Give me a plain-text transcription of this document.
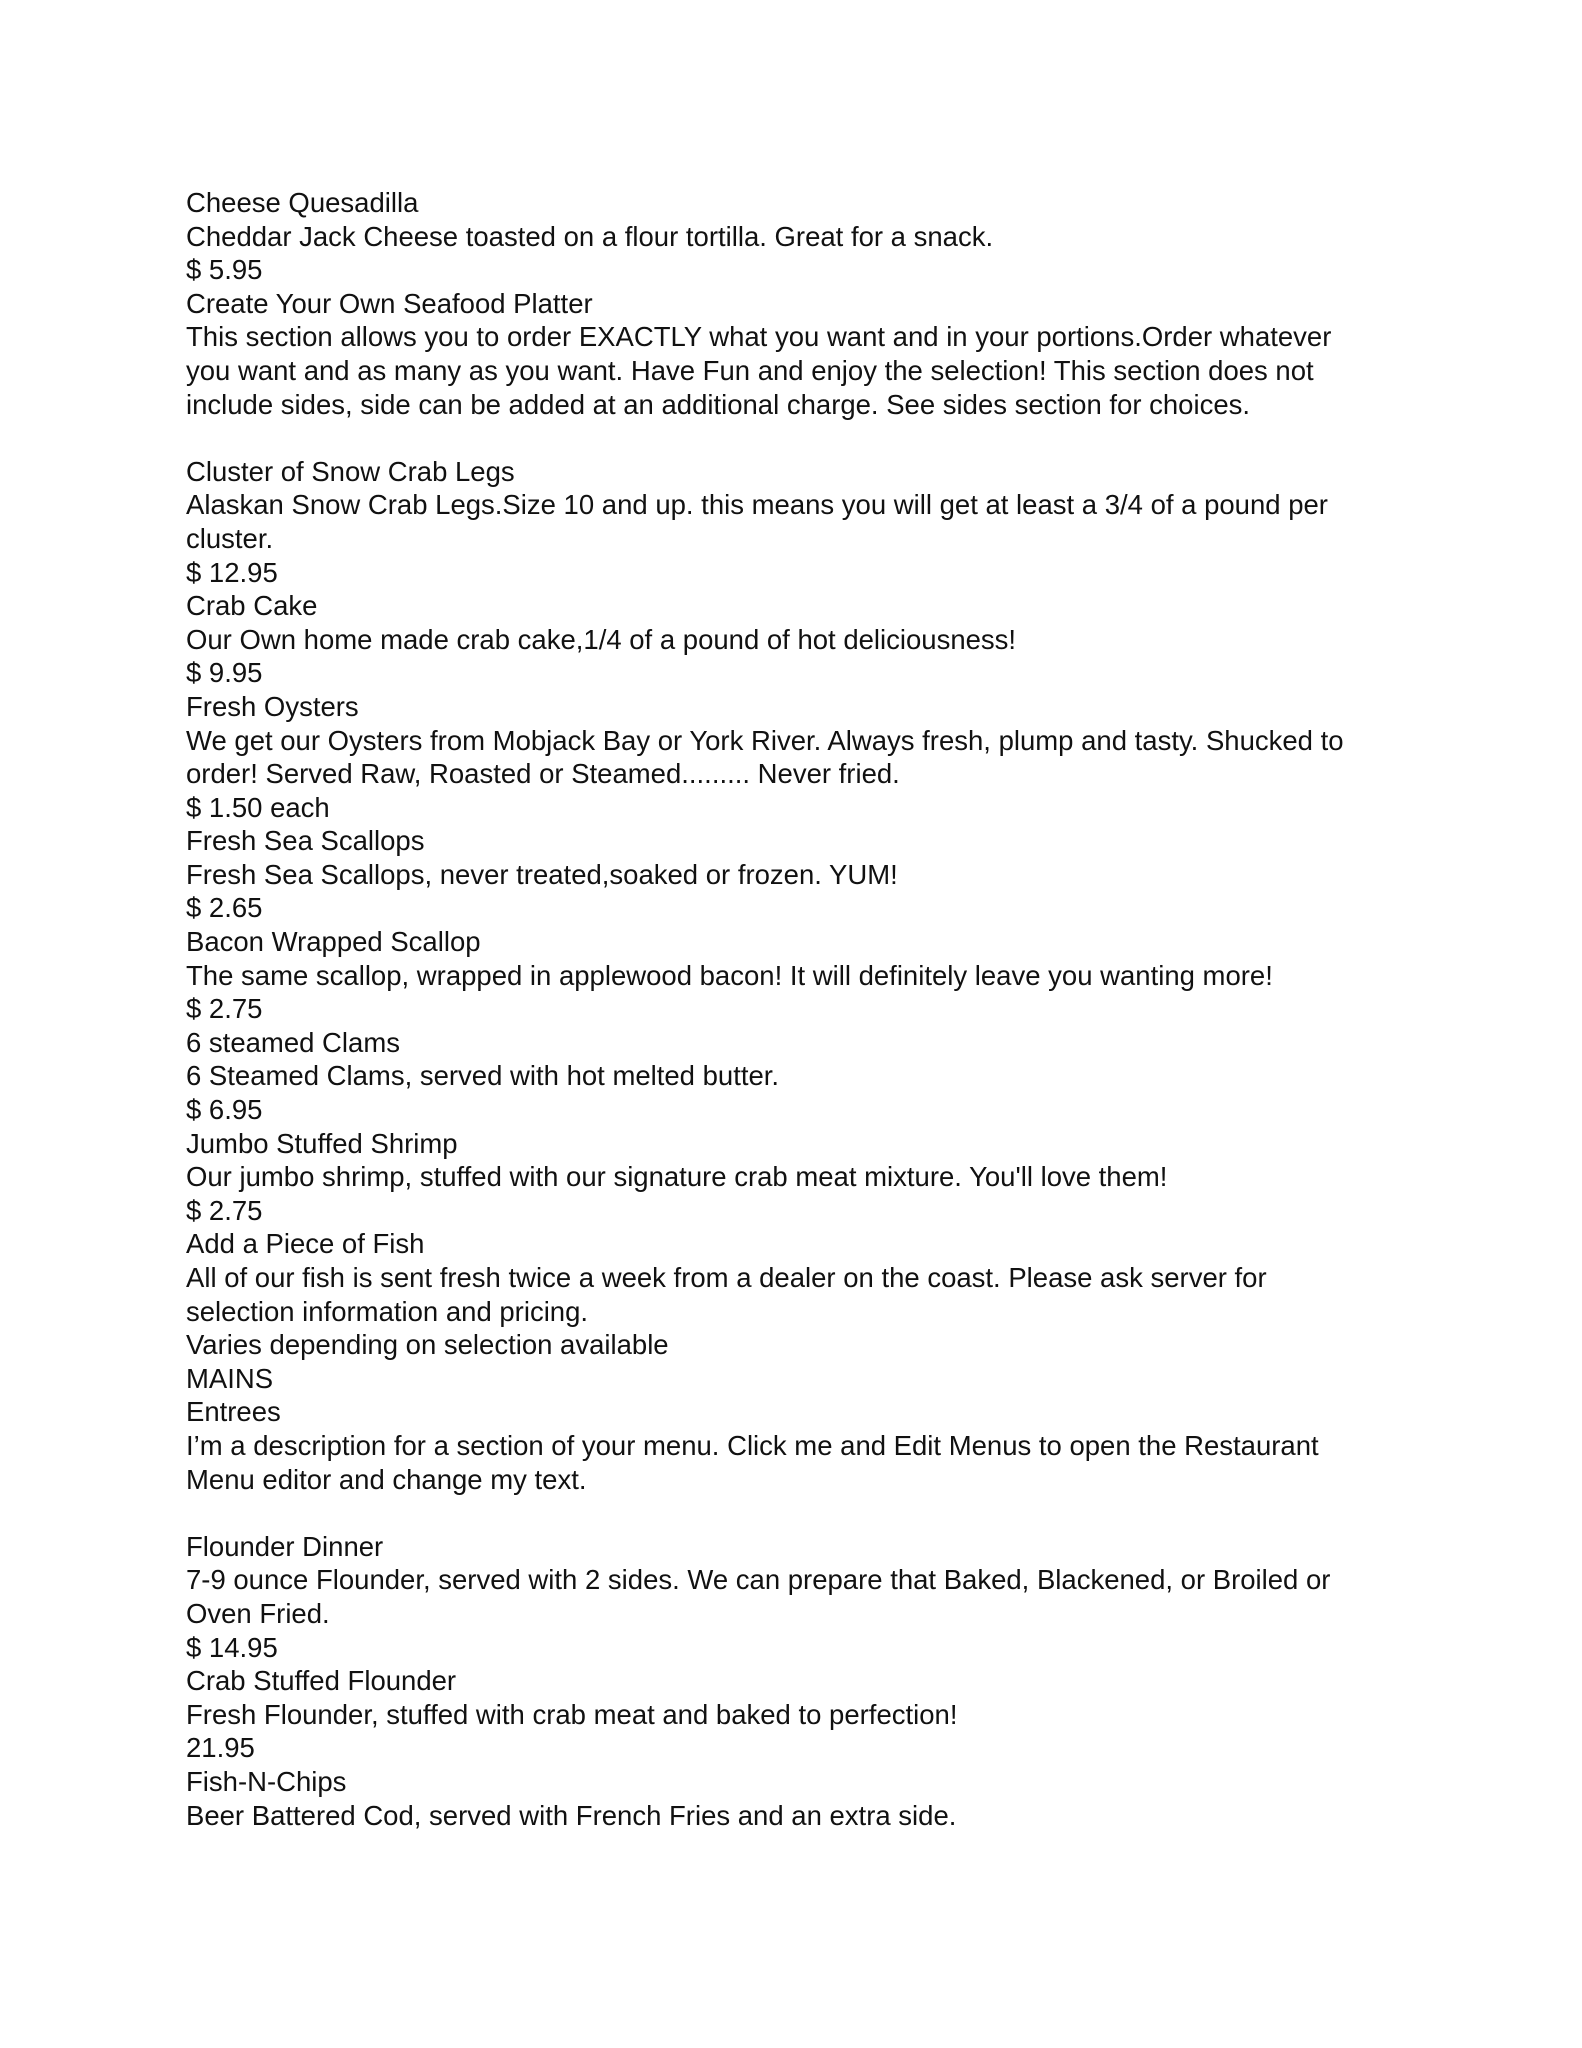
Cheese Quesadilla
Cheddar Jack Cheese toasted on a flour tortilla. Great for a snack.
$ 5.95
Create Your Own Seafood Platter
This section allows you to order EXACTLY what you want and in your portions.Order whatever
you want and as many as you want. Have Fun and enjoy the selection! This section does not
include sides, side can be added at an additional charge. See sides section for choices.
Cluster of Snow Crab Legs
Alaskan Snow Crab Legs.Size 10 and up. this means you will get at least a 3/4 of a pound per
cluster.
$ 12.95
Crab Cake
Our Own home made crab cake,1/4 of a pound of hot deliciousness!
$ 9.95
Fresh Oysters
We get our Oysters from Mobjack Bay or York River. Always fresh, plump and tasty. Shucked to
order! Served Raw, Roasted or Steamed......... Never fried.
$ 1.50 each
Fresh Sea Scallops
Fresh Sea Scallops, never treated,soaked or frozen. YUM!
$ 2.65
Bacon Wrapped Scallop
The same scallop, wrapped in applewood bacon! It will definitely leave you wanting more!
$ 2.75
6 steamed Clams
6 Steamed Clams, served with hot melted butter.
$ 6.95
Jumbo Stuffed Shrimp
Our jumbo shrimp, stuffed with our signature crab meat mixture. You'll love them!
$ 2.75
Add a Piece of Fish
All of our fish is sent fresh twice a week from a dealer on the coast. Please ask server for
selection information and pricing.
Varies depending on selection available
MAINS
Entrees
I’m a description for a section of your menu. Click me and Edit Menus to open the Restaurant
Menu editor and change my text.
Flounder Dinner
7-9 ounce Flounder, served with 2 sides. We can prepare that Baked, Blackened, or Broiled or
Oven Fried.
$ 14.95
Crab Stuffed Flounder
Fresh Flounder, stuffed with crab meat and baked to perfection!
21.95
Fish-N-Chips
Beer Battered Cod, served with French Fries and an extra side.
